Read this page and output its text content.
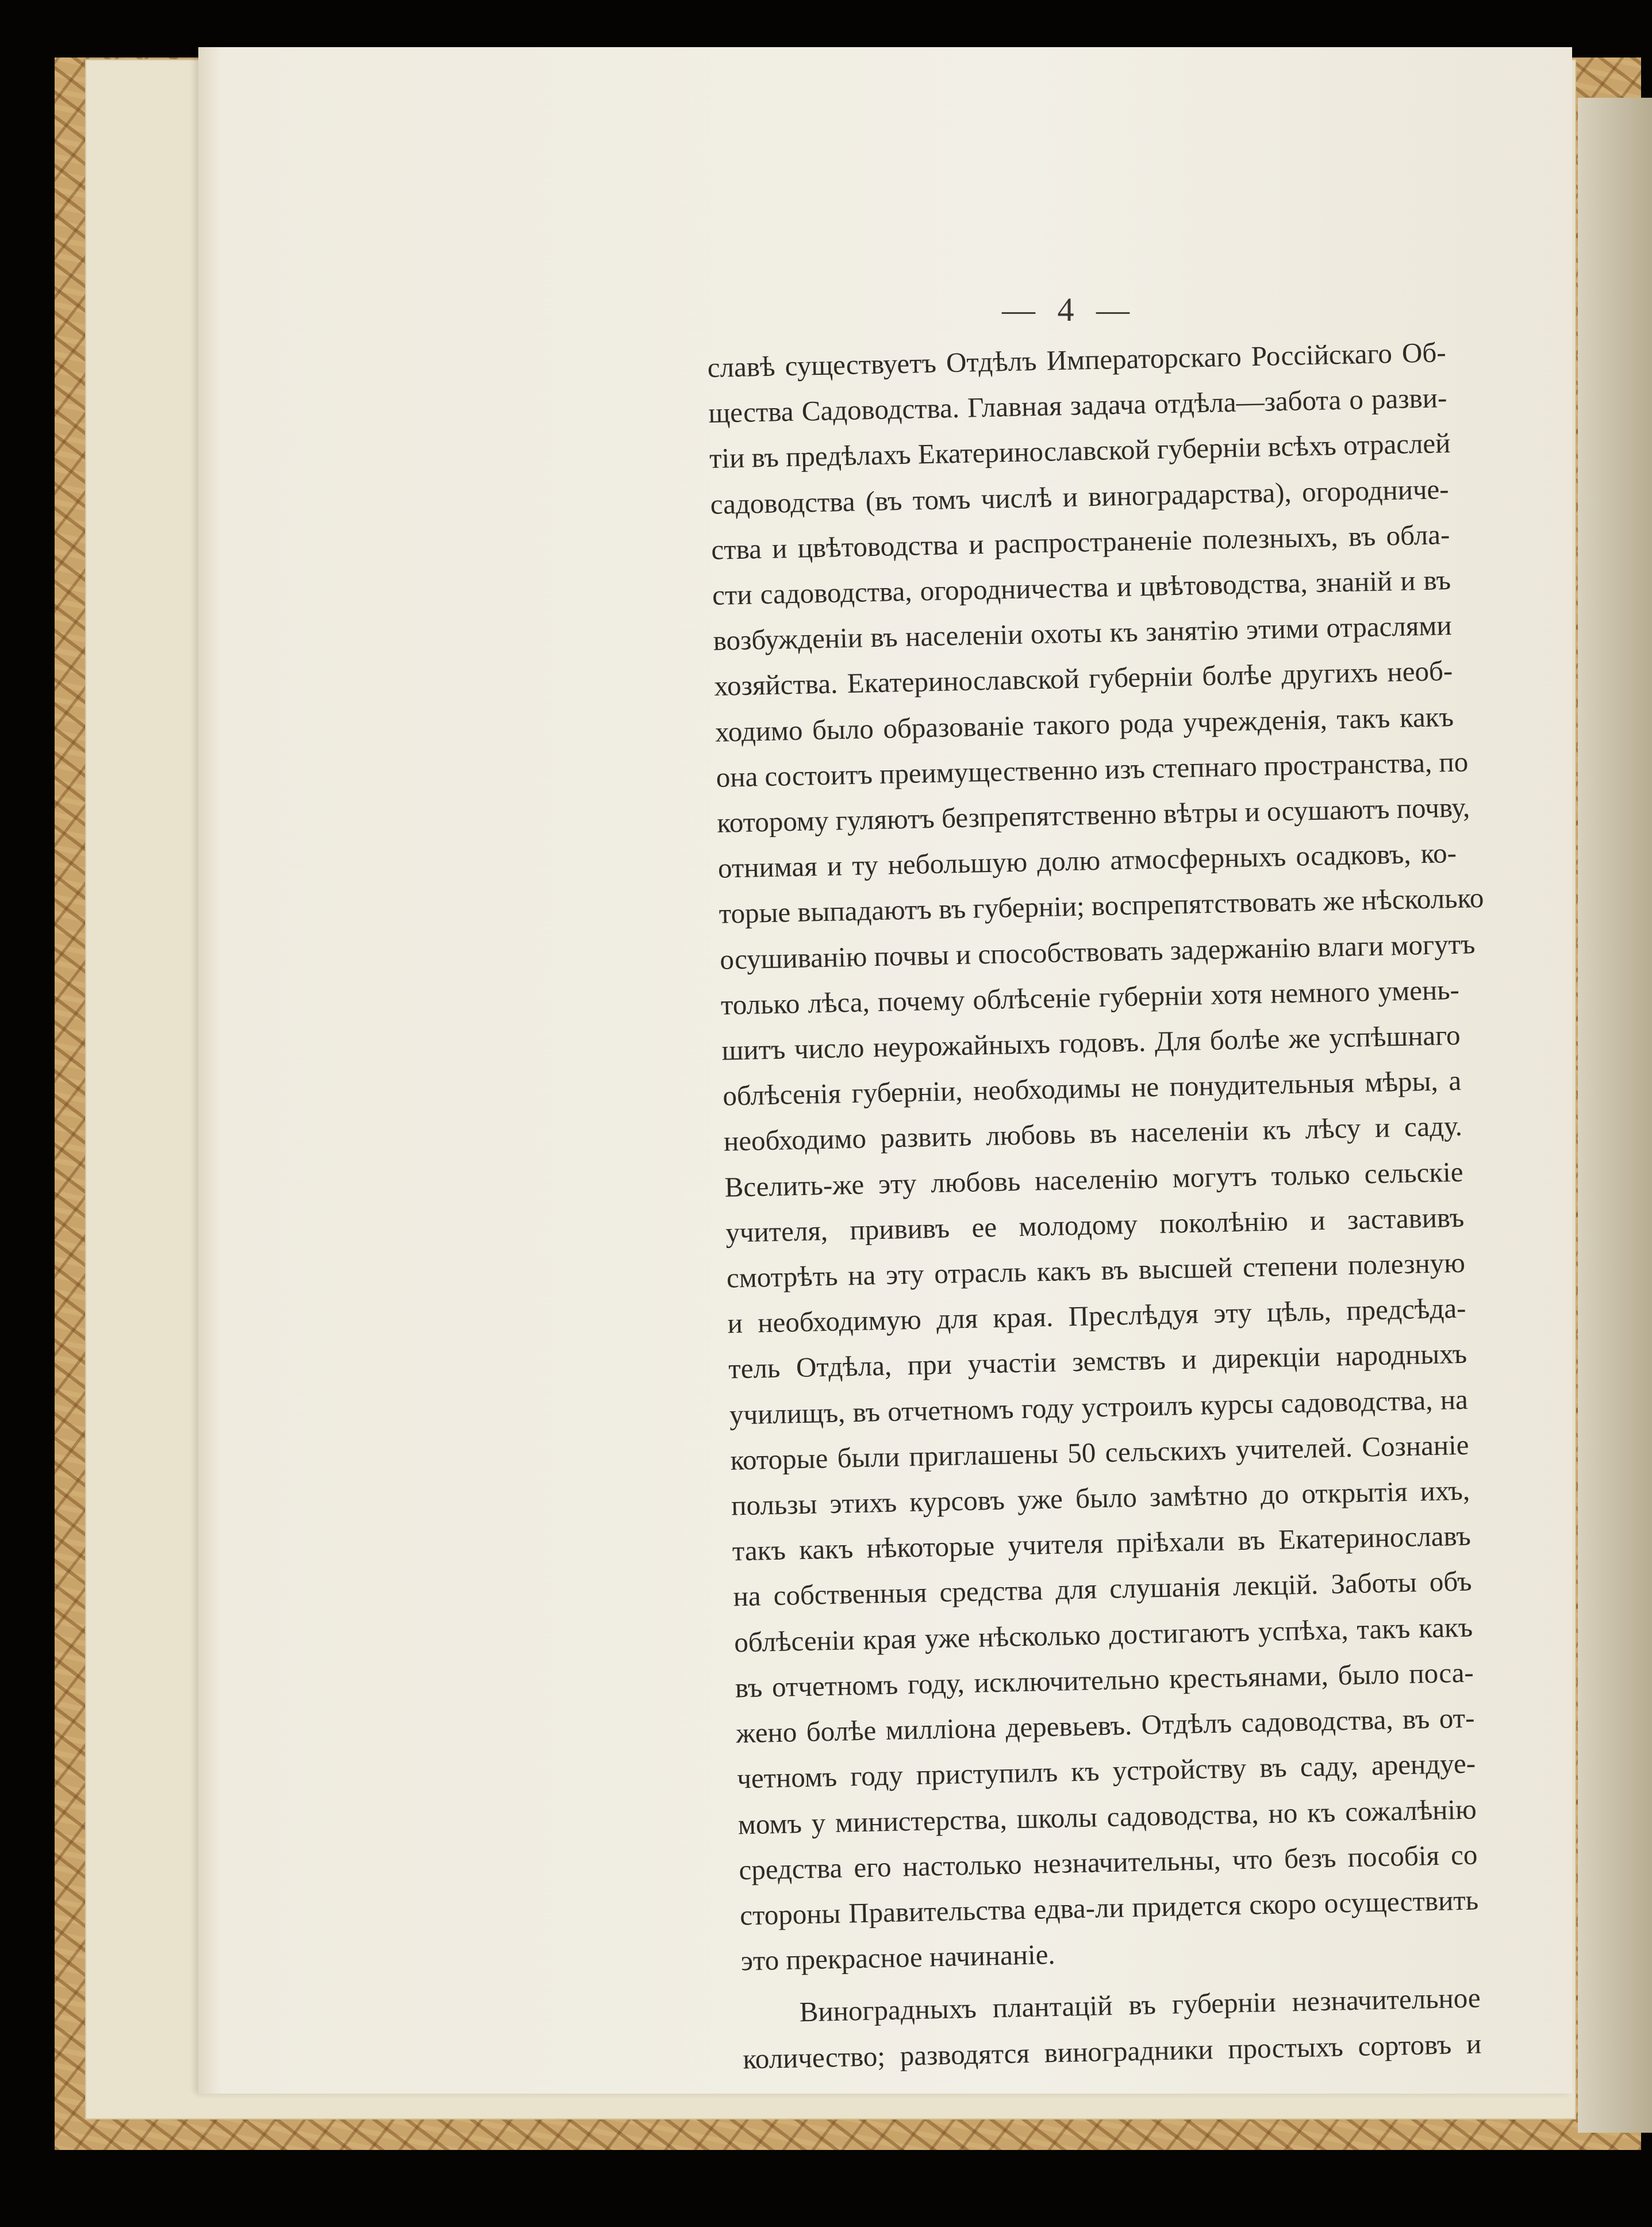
— 4 —
славѣ существуетъ Отдѣлъ Императорскаго Россійскаго Об-
щества Садоводства. Главная задача отдѣла—забота о разви-
тіи въ предѣлахъ Екатеринославской губерніи всѣхъ отраслей
садоводства (въ томъ числѣ и виноградарства), огородниче-
ства и цвѣтоводства и распространеніе полезныхъ, въ обла-
сти садоводства, огородничества и цвѣтоводства, знаній и въ
возбужденіи въ населеніи охоты къ занятію этими отраслями
хозяйства. Екатеринославской губерніи болѣе другихъ необ-
ходимо было образованіе такого рода учрежденія, такъ какъ
она состоитъ преимущественно изъ степнаго пространства, по
которому гуляютъ безпрепятственно вѣтры и осушаютъ почву,
отнимая и ту небольшую долю атмосферныхъ осадковъ, ко-
торые выпадаютъ въ губерніи; воспрепятствовать же нѣсколько
осушиванію почвы и способствовать задержанію влаги могутъ
только лѣса, почему облѣсеніе губерніи хотя немного умень-
шитъ число неурожайныхъ годовъ. Для болѣе же успѣшнаго
облѣсенія губерніи, необходимы не понудительныя мѣры, а
необходимо развить любовь въ населеніи къ лѣсу и саду.
Вселить-же эту любовь населенію могутъ только сельскіе
учителя, прививъ ее молодому поколѣнію и заставивъ
смотрѣть на эту отрасль какъ въ высшей степени полезную
и необходимую для края. Преслѣдуя эту цѣль, предсѣда-
тель Отдѣла, при участіи земствъ и дирекціи народныхъ
училищъ, въ отчетномъ году устроилъ курсы садоводства, на
которые были приглашены 50 сельскихъ учителей. Сознаніе
пользы этихъ курсовъ уже было замѣтно до открытія ихъ,
такъ какъ нѣкоторые учителя пріѣхали въ Екатеринославъ
на собственныя средства для слушанія лекцій. Заботы объ
облѣсеніи края уже нѣсколько достигаютъ успѣха, такъ какъ
въ отчетномъ году, исключительно крестьянами, было поса-
жено болѣе милліона деревьевъ. Отдѣлъ садоводства, въ от-
четномъ году приступилъ къ устройству въ саду, арендуе-
момъ у министерства, школы садоводства, но къ сожалѣнію
средства его настолько незначительны, что безъ пособія со
стороны Правительства едва-ли придется скоро осуществить
это прекрасное начинаніе.
Виноградныхъ плантацій въ губерніи незначительное
количество; разводятся виноградники простыхъ сортовъ и
